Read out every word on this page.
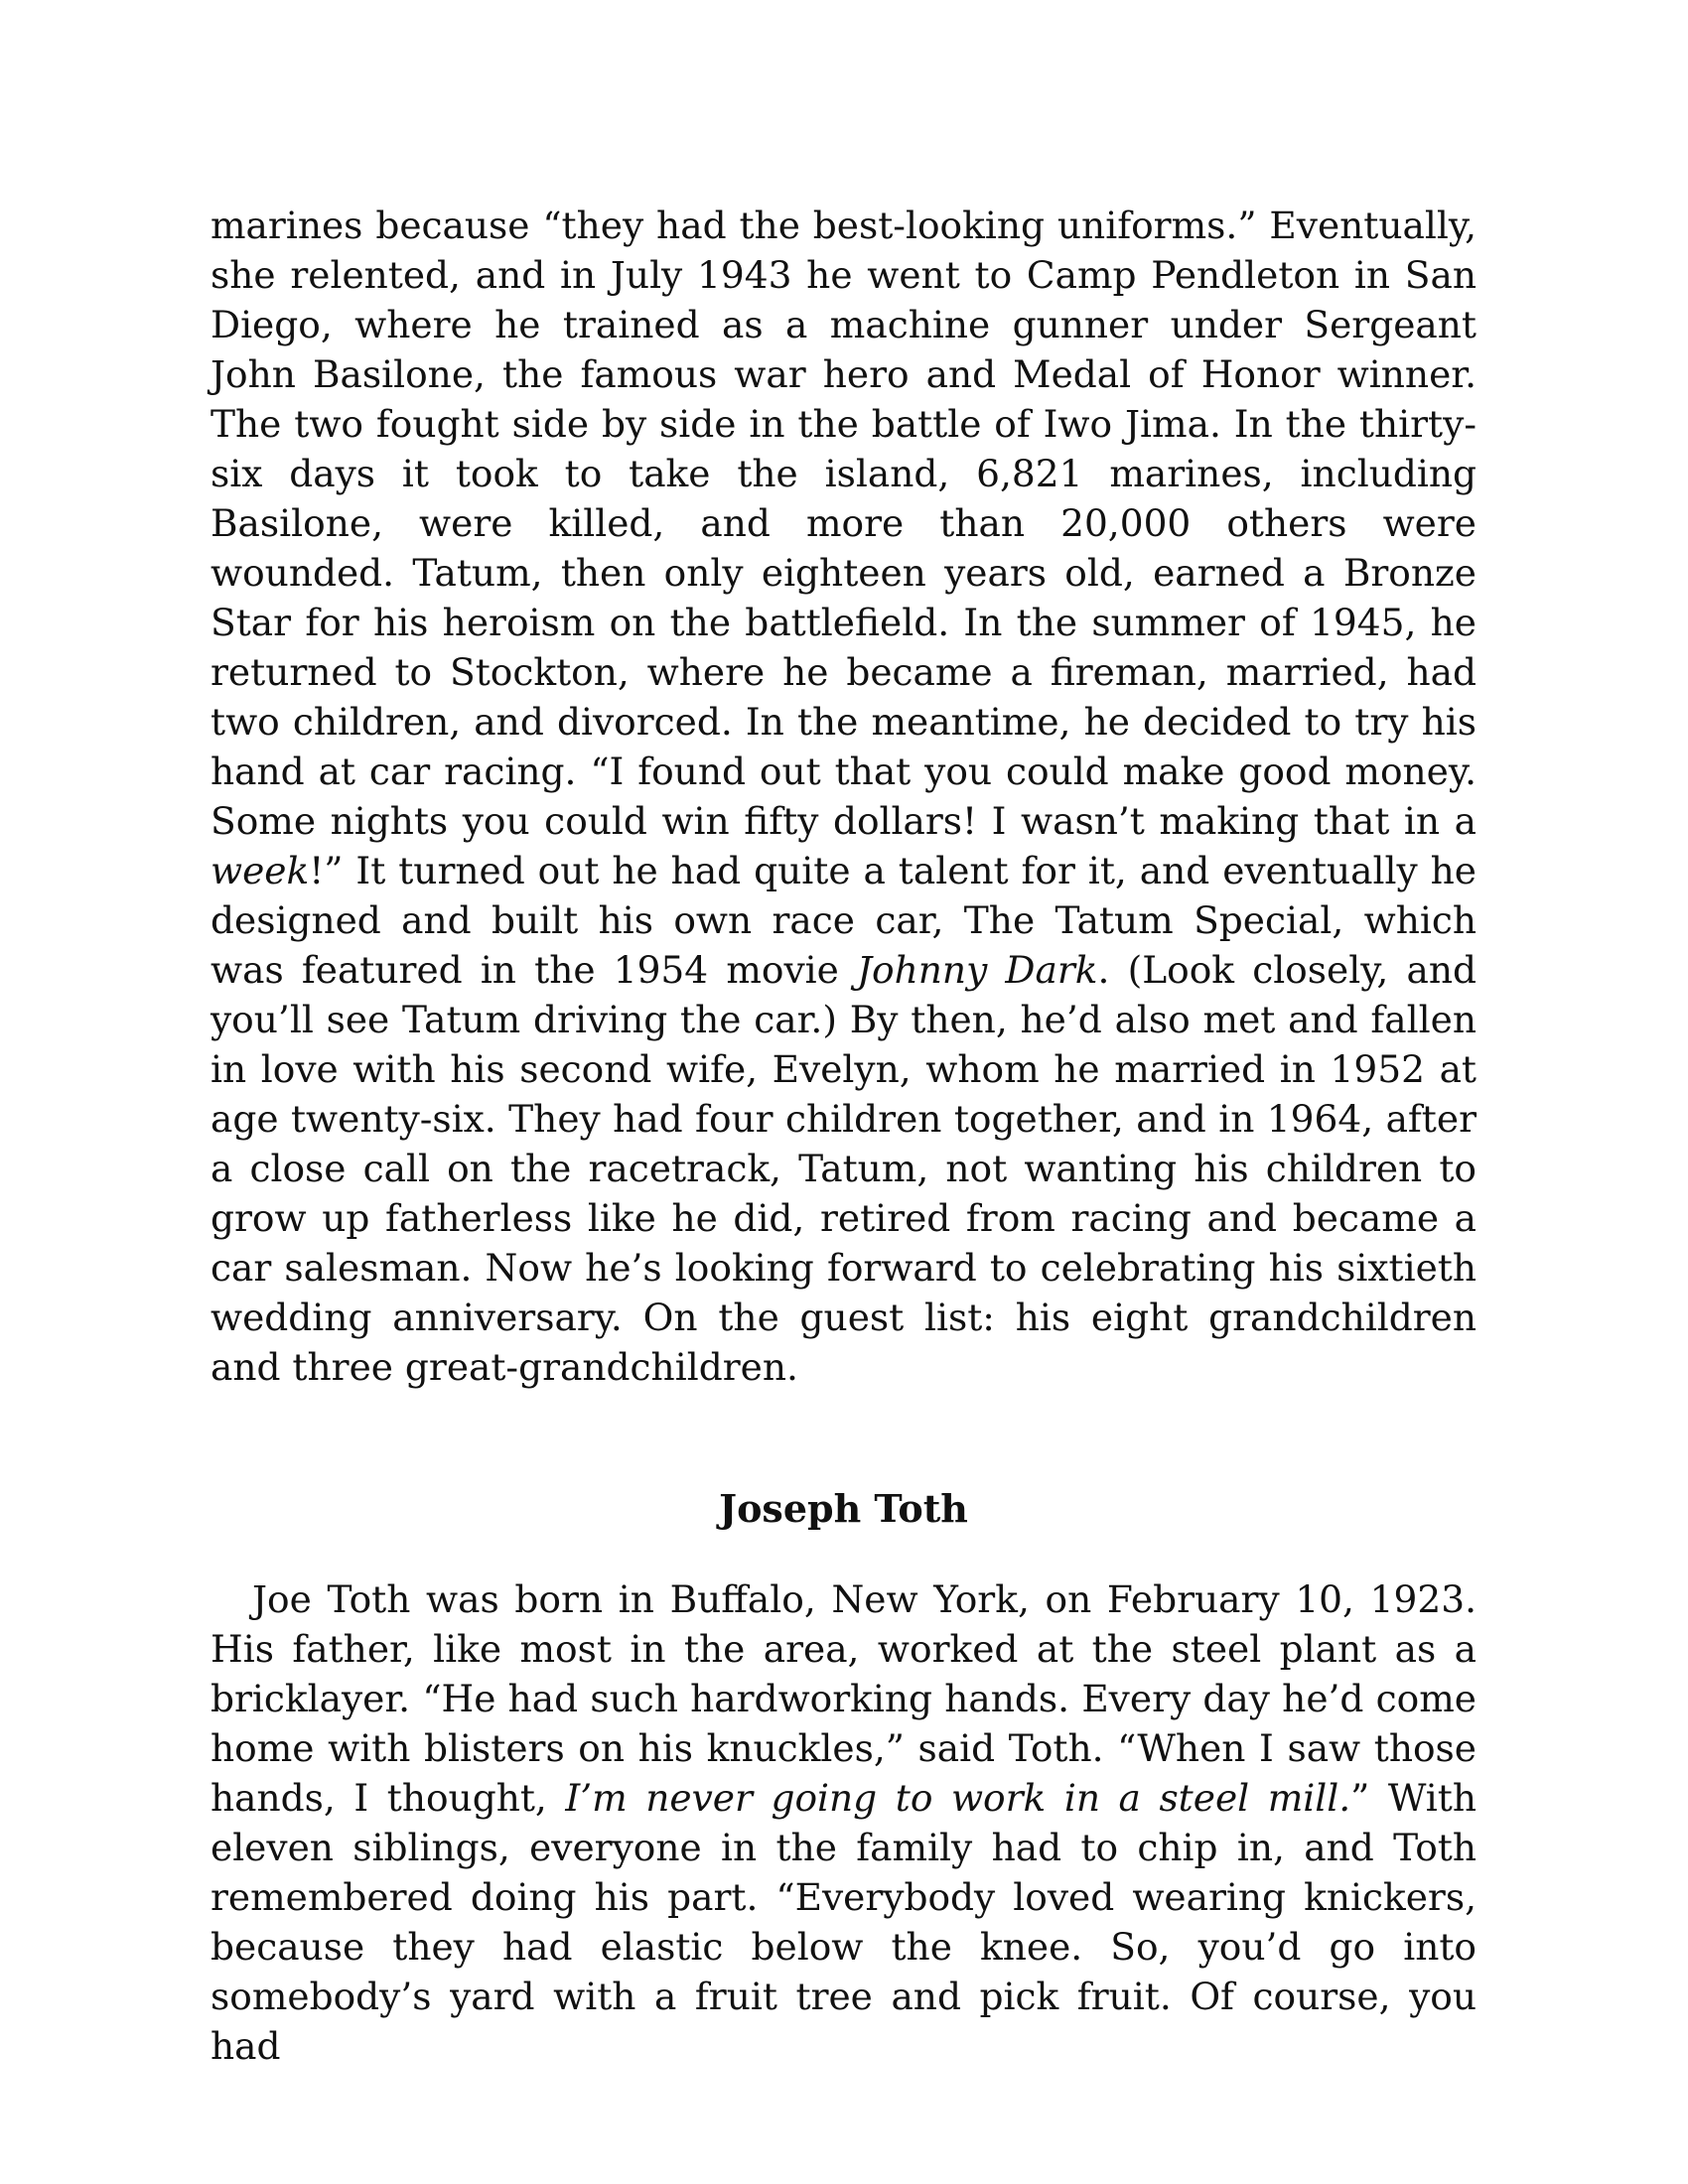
marines because “they had the best-looking uniforms.” Eventually, she relented, and in July 1943 he went to Camp Pendleton in San Diego, where he trained as a machine gunner under Sergeant John Basilone, the famous war hero and Medal of Honor winner. The two fought side by side in the battle of Iwo Jima. In the thirty-six days it took to take the island, 6,821 marines, including Basilone, were killed, and more than 20,000 others were wounded. Tatum, then only eighteen years old, earned a Bronze Star for his heroism on the battlefield. In the summer of 1945, he returned to Stockton, where he became a fireman, married, had two children, and divorced. In the meantime, he decided to try his hand at car racing. “I found out that you could make good money. Some nights you could win fifty dollars! I wasn’t making that in a week!” It turned out he had quite a talent for it, and eventually he designed and built his own race car, The Tatum Special, which was featured in the 1954 movie Johnny Dark. (Look closely, and you’ll see Tatum driving the car.) By then, he’d also met and fallen in love with his second wife, Evelyn, whom he married in 1952 at age twenty-six. They had four children together, and in 1964, after a close call on the racetrack, Tatum, not wanting his children to grow up fatherless like he did, retired from racing and became a car salesman. Now he’s looking forward to celebrating his sixtieth wedding anniversary. On the guest list: his eight grandchildren and three great-grandchildren.

Joseph Toth

Joe Toth was born in Buffalo, New York, on February 10, 1923. His father, like most in the area, worked at the steel plant as a bricklayer. “He had such hardworking hands. Every day he’d come home with blisters on his knuckles,” said Toth. “When I saw those hands, I thought, I’m never going to work in a steel mill.” With eleven siblings, everyone in the family had to chip in, and Toth remembered doing his part. “Everybody loved wearing knickers, because they had elastic below the knee. So, you’d go into somebody’s yard with a fruit tree and pick fruit. Of course, you had
